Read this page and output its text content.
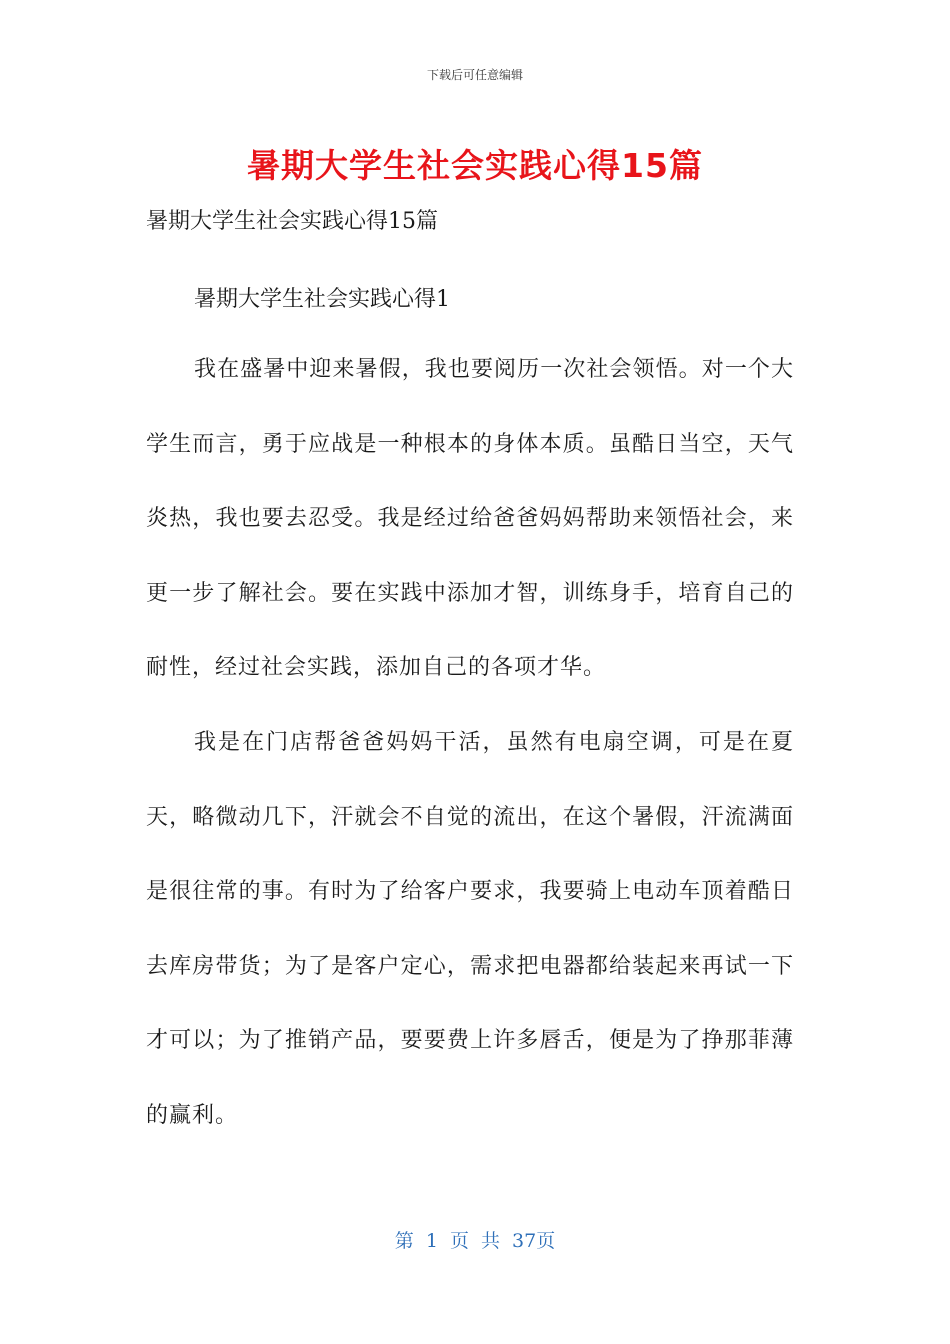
下载后可任意编辑
暑期大学生社会实践心得15篇
暑期大学生社会实践心得15篇
暑期大学生社会实践心得1

我在盛暑中迎来暑假，我也要阅历一次社会领悟。对一个大学生而言，勇于应战是一种根本的身体本质。虽酷日当空，天气炎热，我也要去忍受。我是经过给爸爸妈妈帮助来领悟社会，来更一步了解社会。要在实践中添加才智，训练身手，培育自己的耐性，经过社会实践，添加自己的各项才华。

我是在门店帮爸爸妈妈干活，虽然有电扇空调，可是在夏天，略微动几下，汗就会不自觉的流出，在这个暑假，汗流满面是很往常的事。有时为了给客户要求，我要骑上电动车顶着酷日去库房带货；为了是客户定心，需求把电器都给装起来再试一下才可以；为了推销产品，要要费上许多唇舌，便是为了挣那菲薄的赢利。

第 1 页 共 37页
